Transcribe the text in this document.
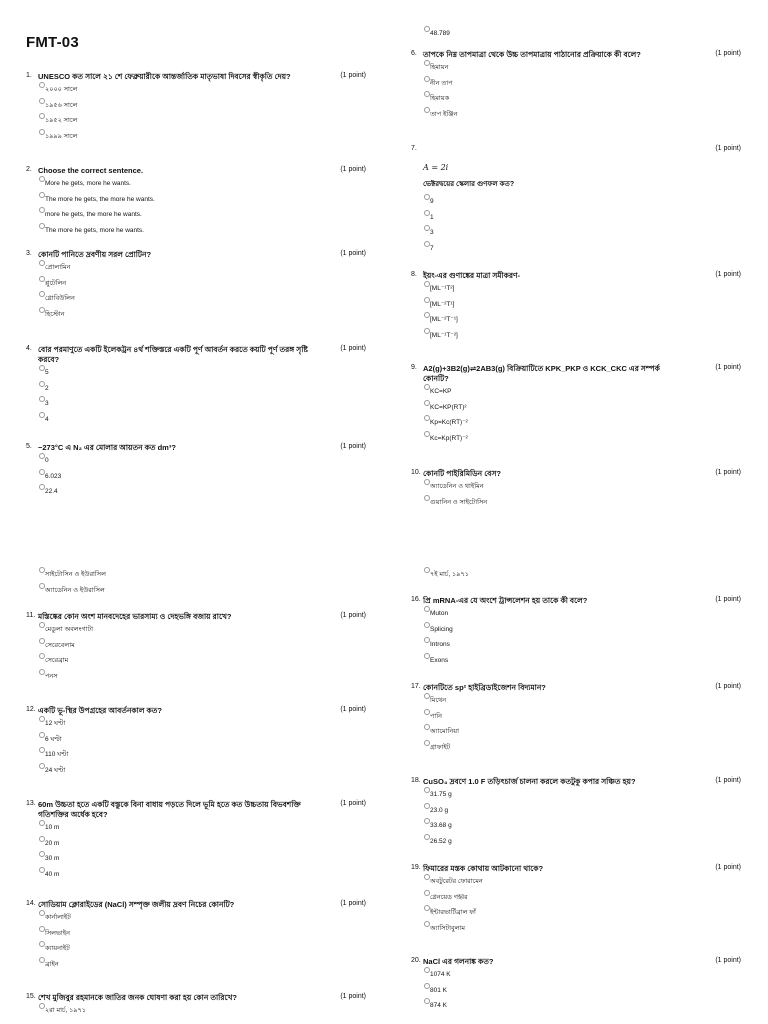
FMT-03
48.789
সাইটোসিন ও ইউরাসিল
অ্যাডেনিন ও ইউরাসিল
৭ই মার্চ, ১৯৭১
1. UNESCO কত সালে ২১ শে ফেব্রুয়ারীকে আন্তর্জাতিক মাতৃভাষা দিবসের স্বীকৃতি দেয়?	(1 point)
২০০০ সালে
১৯৫৬ সালে
১৯৫২ সালে
১৯৯৯ সালে
2. Choose the correct sentence.	(1 point)
More he gets, more he wants.
The more he gets, the more he wants.
more he gets, the more he wants.
The more he gets, more he wants.
3. কোনটি পানিতে দ্রবণীয় সরল প্রোটিন?	(1 point)
প্রোলামিন
প্লুটেলিন
গ্লোবিউলিন
হিস্টোন
4. বোর পরমাণুতে একটি ইলেকট্রন ৪র্থ শক্তিস্তরে একটি পূর্ণ আবর্তন করতে কয়টি পূর্ণ তরঙ্গ সৃষ্টি করবে?
(1 point)
5
2
3
4
5. −273°C এ N₂ এর মোলার আয়তন কত dm³?	(1 point)
0
6.023
22.4
6. তাপকে নিম্ন তাপমাত্রা থেকে উচ্চ তাপমাত্রায় পাঠানোর প্রক্রিয়াকে কী বলে?	(1 point)
হিমায়ন
নীন তাপ
হিমায়ক
তাপ ইঞ্জিন
7.
	(1 point)
A = 2i
ভেক্টরদ্বয়ের স্কেলার গুণফল কত?
9
1
3
7
8. ইয়ং-এর গুণাঙ্কের মাত্রা সমীকরণ-	(1 point)
[ML⁻¹T²]
[ML⁻²T¹]
[ML⁻²T⁻¹]
[ML⁻¹T⁻²]
9. A2(g)+3B2(g)⇌2AB3(g) বিক্রিয়াটিতে KPK_PKP ও KCK_CKC এর সম্পর্ক কোনটি?
(1 point)
KC=KP
KC=KP(RT)²
Kp=Kc(RT)⁻²
Kc=Kp(RT)⁻²
10. কোনটি পাইরিমিডিন বেস?	(1 point)
অ্যাডেনিন ও থাইমিন
গুয়ানিন ও সাইটোসিন
11. মস্তিষ্কের কোন অংশ মানবদেহের ভারসাম্য ও দেহভঙ্গি বজায় রাখে?	(1 point)
মেডুলা অবলংগাটা
সেরেবেলাম
সেরেব্রাম
পনস
12. একটি ভূ-স্থির উপগ্রহের আবর্তনকাল কত?	(1 point)
12 ঘণ্টা
6 ঘণ্টা
110 ঘণ্টা
24 ঘণ্টা
13. 60m উচ্চতা হতে একটি বস্তুকে বিনা বাধায় পড়তে দিলে ভূমি হতে কত উচ্চতায় বিভবশক্তি গতিশক্তির অর্ধেক হবে?
(1 point)
10 m
20 m
30 m
40 m
14. সোডিয়াম ক্লোরাইডের (NaCl) সম্পৃক্ত জলীয় দ্রবণ নিচের কোনটি?	(1 point)
কার্নালাইট
সিলভাইন
ক্যায়নাইট
ব্রাইন
15. শেখ মুজিবুর রহমানকে জাতির জনক ঘোষণা করা হয় কোন তারিখে?	(1 point)
২রা মার্চ, ১৯৭১
16. প্রি mRNA-এর যে অংশে ট্রান্সলেশন হয় তাকে কী বলে?	(1 point)
Muton
Splicing
Introns
Exons
17. কোনটিতে sp² হাইব্রিডাইজেশন বিদ্যমান?	(1 point)
মিথেন
পানি
অ্যামোনিয়া
গ্রাফাইট
18. CuSO₄ দ্রবণে 1.0 F তড়িৎচার্জ চালনা করলে কতটুকু কপার সঞ্চিত হয়?	(1 point)
31.75 g
23.0 g
33.68 g
26.52 g
19. ফিমারের মস্তক কোথায় আটকানো থাকে?	(1 point)
অবটুরেটর ফোরামেন
গ্লেনয়েড গহ্বর
ইন্টারভার্টিব্রাল ফাঁ
অ্যাসিটাবুলাম
20. NaCl এর গলনাঙ্ক কত?	(1 point)
1074 K
801 K
874 K
